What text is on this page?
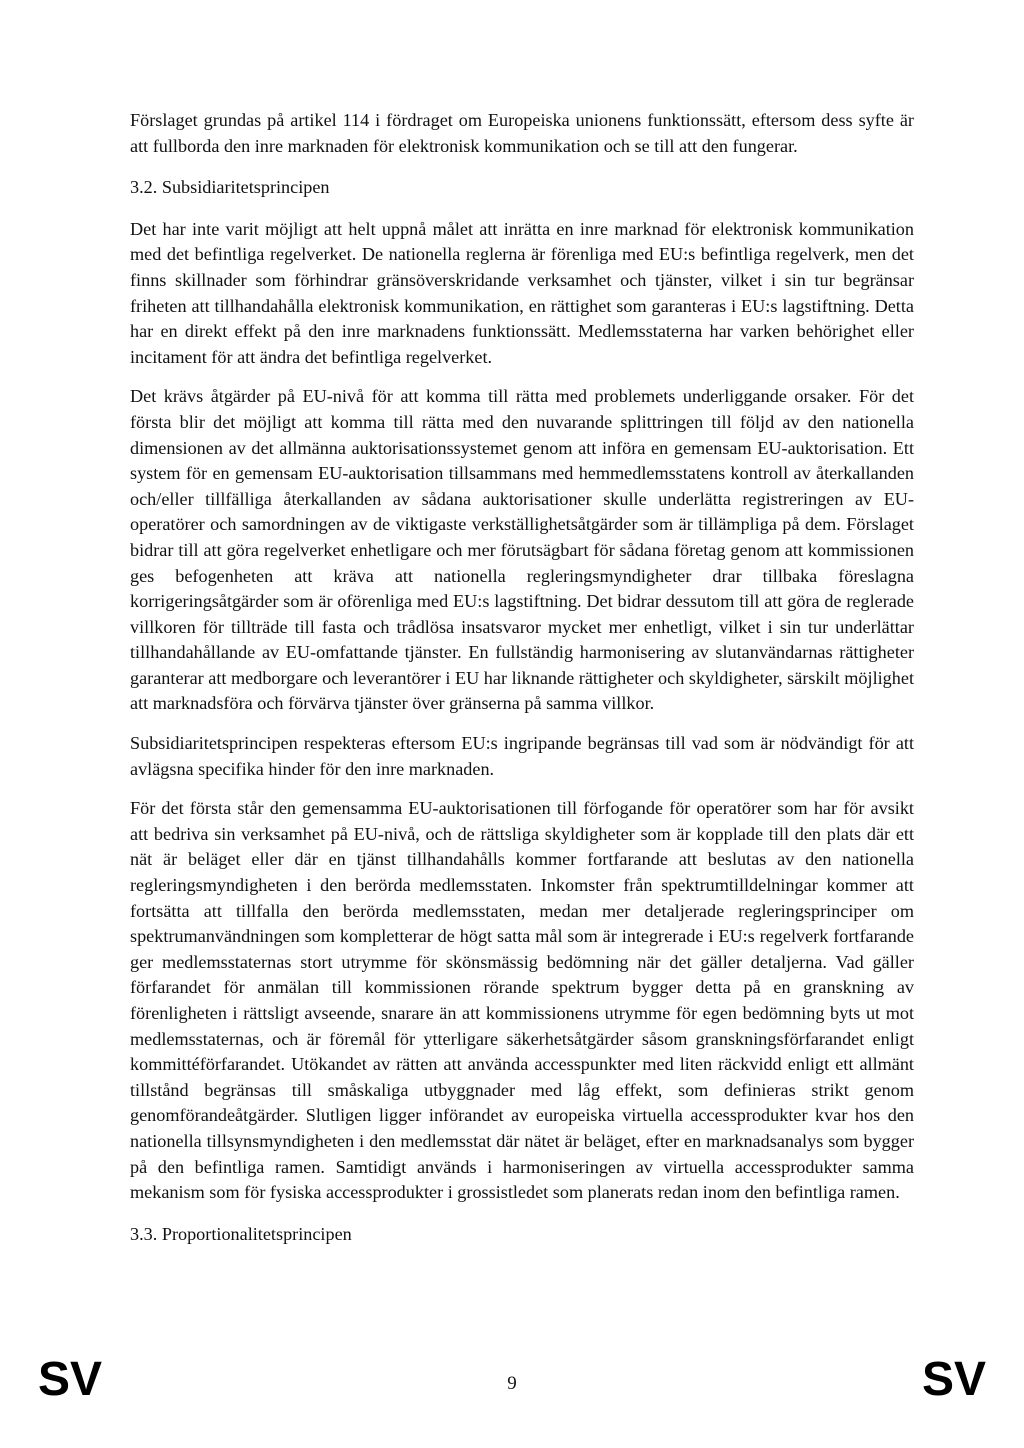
Förslaget grundas på artikel 114 i fördraget om Europeiska unionens funktionssätt, eftersom dess syfte är att fullborda den inre marknaden för elektronisk kommunikation och se till att den fungerar.

3.2. Subsidiaritetsprincipen

Det har inte varit möjligt att helt uppnå målet att inrätta en inre marknad för elektronisk kommunikation med det befintliga regelverket. De nationella reglerna är förenliga med EU:s befintliga regelverk, men det finns skillnader som förhindrar gränsöverskridande verksamhet och tjänster, vilket i sin tur begränsar friheten att tillhandahålla elektronisk kommunikation, en rättighet som garanteras i EU:s lagstiftning. Detta har en direkt effekt på den inre marknadens funktionssätt. Medlemsstaterna har varken behörighet eller incitament för att ändra det befintliga regelverket.

Det krävs åtgärder på EU-nivå för att komma till rätta med problemets underliggande orsaker. För det första blir det möjligt att komma till rätta med den nuvarande splittringen till följd av den nationella dimensionen av det allmänna auktorisationssystemet genom att införa en gemensam EU-auktorisation. Ett system för en gemensam EU-auktorisation tillsammans med hemmedlemsstatens kontroll av återkallanden och/eller tillfälliga återkallanden av sådana auktorisationer skulle underlätta registreringen av EU-operatörer och samordningen av de viktigaste verkställighetsåtgärder som är tillämpliga på dem. Förslaget bidrar till att göra regelverket enhetligare och mer förutsägbart för sådana företag genom att kommissionen ges befogenheten att kräva att nationella regleringsmyndigheter drar tillbaka föreslagna korrigeringsåtgärder som är oförenliga med EU:s lagstiftning. Det bidrar dessutom till att göra de reglerade villkoren för tillträde till fasta och trådlösa insatsvaror mycket mer enhetligt, vilket i sin tur underlättar tillhandahållande av EU-omfattande tjänster. En fullständig harmonisering av slutanvändarnas rättigheter garanterar att medborgare och leverantörer i EU har liknande rättigheter och skyldigheter, särskilt möjlighet att marknadsföra och förvärva tjänster över gränserna på samma villkor.

Subsidiaritetsprincipen respekteras eftersom EU:s ingripande begränsas till vad som är nödvändigt för att avlägsna specifika hinder för den inre marknaden.

För det första står den gemensamma EU-auktorisationen till förfogande för operatörer som har för avsikt att bedriva sin verksamhet på EU-nivå, och de rättsliga skyldigheter som är kopplade till den plats där ett nät är beläget eller där en tjänst tillhandahålls kommer fortfarande att beslutas av den nationella regleringsmyndigheten i den berörda medlemsstaten. Inkomster från spektrumtilldelningar kommer att fortsätta att tillfalla den berörda medlemsstaten, medan mer detaljerade regleringsprinciper om spektrumanvändningen som kompletterar de högt satta mål som är integrerade i EU:s regelverk fortfarande ger medlemsstaternas stort utrymme för skönsmässig bedömning när det gäller detaljerna. Vad gäller förfarandet för anmälan till kommissionen rörande spektrum bygger detta på en granskning av förenligheten i rättsligt avseende, snarare än att kommissionens utrymme för egen bedömning byts ut mot medlemsstaternas, och är föremål för ytterligare säkerhetsåtgärder såsom granskningsförfarandet enligt kommittéförfarandet. Utökandet av rätten att använda accesspunkter med liten räckvidd enligt ett allmänt tillstånd begränsas till småskaliga utbyggnader med låg effekt, som definieras strikt genom genomförandeåtgärder. Slutligen ligger införandet av europeiska virtuella accessprodukter kvar hos den nationella tillsynsmyndigheten i den medlemsstat där nätet är beläget, efter en marknadsanalys som bygger på den befintliga ramen. Samtidigt används i harmoniseringen av virtuella accessprodukter samma mekanism som för fysiska accessprodukter i grossistledet som planerats redan inom den befintliga ramen.

3.3. Proportionalitetsprincipen

SV	9	SV
